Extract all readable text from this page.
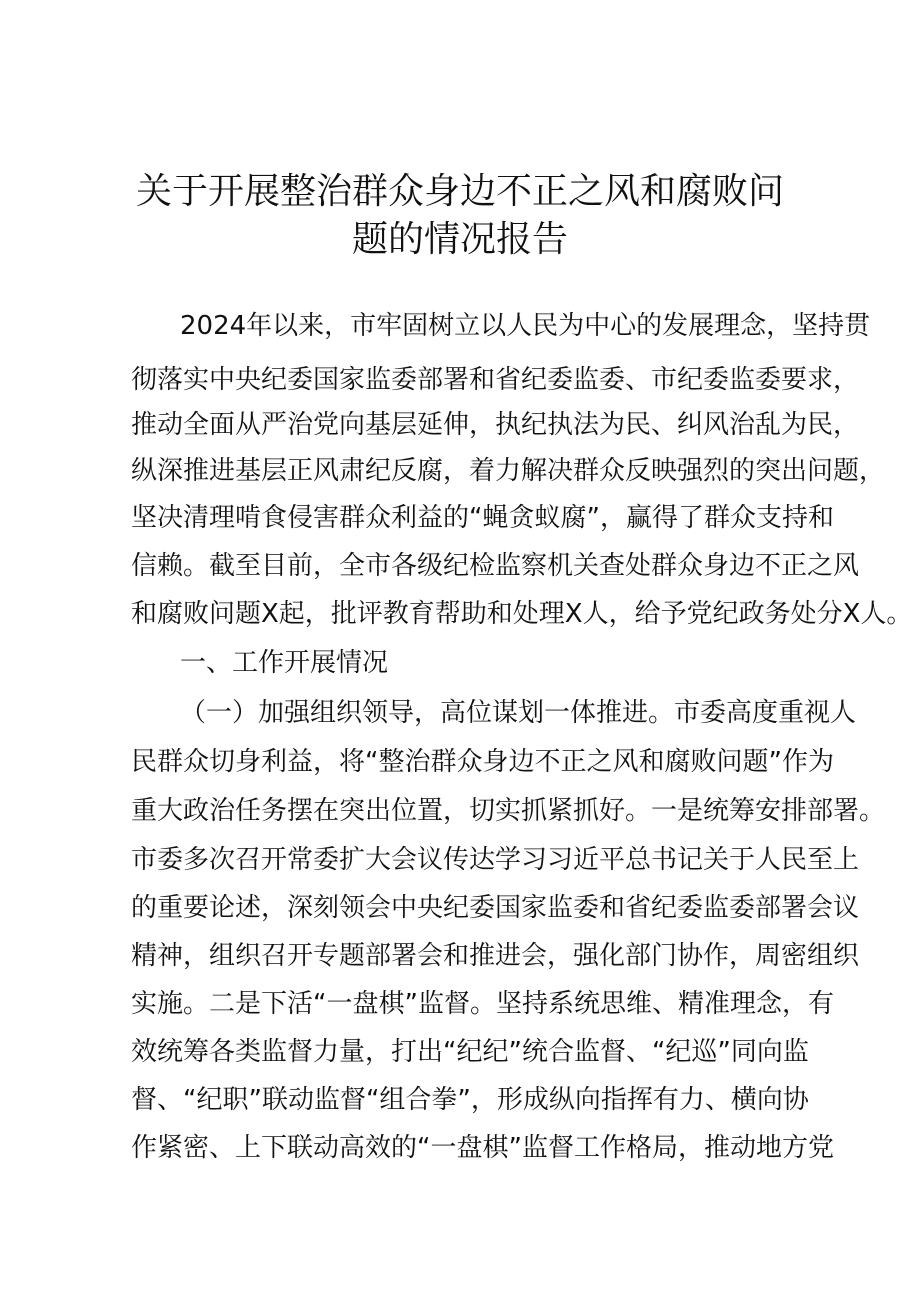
关于开展整治群众身边不正之风和腐败问
题的情况报告
2024年以来，市牢固树立以人民为中心的发展理念，坚持贯
彻落实中央纪委国家监委部署和省纪委监委、市纪委监委要求，
推动全面从严治党向基层延伸，执纪执法为民、纠风治乱为民，
纵深推进基层正风肃纪反腐，着力解决群众反映强烈的突出问题，
坚决清理啃食侵害群众利益的“蝇贪蚁腐”，赢得了群众支持和
信赖。截至目前，全市各级纪检监察机关查处群众身边不正之风
和腐败问题X起，批评教育帮助和处理X人，给予党纪政务处分X人。
一、工作开展情况
（一）加强组织领导，高位谋划一体推进。市委高度重视人
民群众切身利益，将“整治群众身边不正之风和腐败问题”作为
重大政治任务摆在突出位置，切实抓紧抓好。一是统筹安排部署。
市委多次召开常委扩大会议传达学习习近平总书记关于人民至上
的重要论述，深刻领会中央纪委国家监委和省纪委监委部署会议
精神，组织召开专题部署会和推进会，强化部门协作，周密组织
实施。二是下活“一盘棋”监督。坚持系统思维、精准理念，有
效统筹各类监督力量，打出“纪纪”统合监督、“纪巡”同向监
督、“纪职”联动监督“组合拳”，形成纵向指挥有力、横向协
作紧密、上下联动高效的“一盘棋”监督工作格局，推动地方党
